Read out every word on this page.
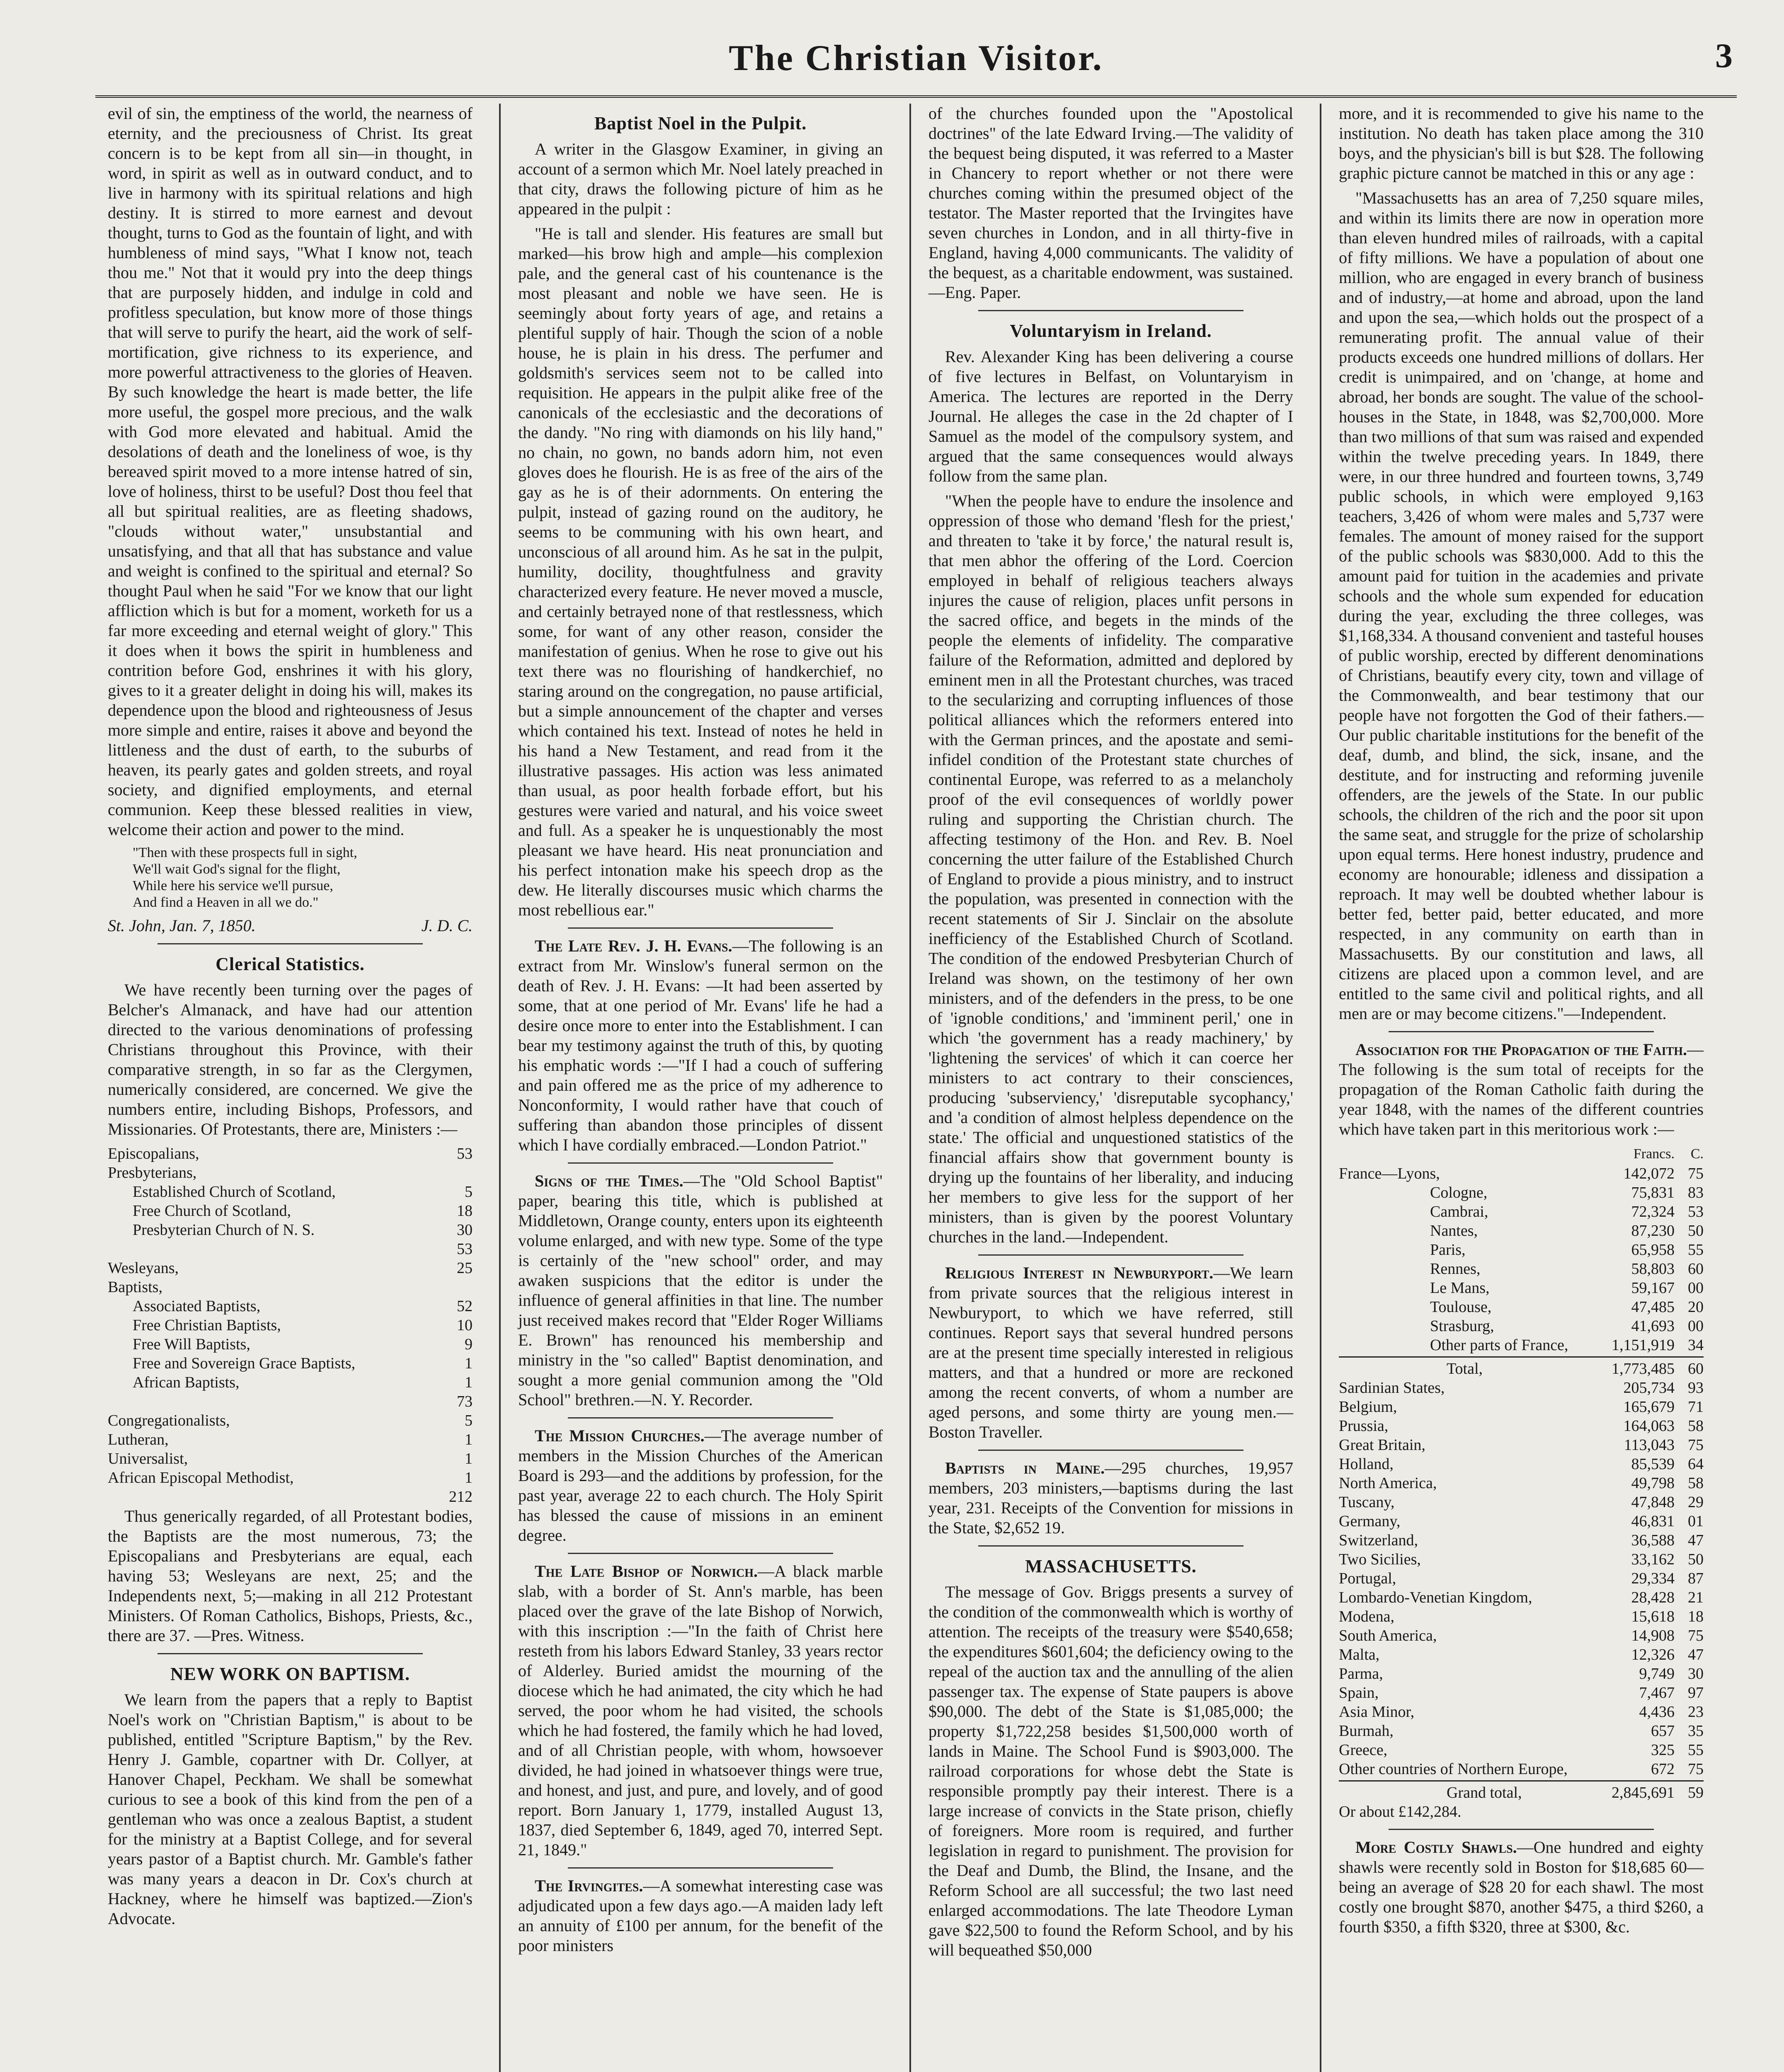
The Christian Visitor.	3

evil of sin, the emptiness of the world, the nearness of eternity, and the preciousness of Christ. Its great concern is to be kept from all sin—in thought, in word, in spirit as well as in outward conduct, and to live in harmony with its spiritual relations and high destiny. It is stirred to more earnest and devout thought, turns to God as the fountain of light, and with humbleness of mind says, "What I know not, teach thou me." Not that it would pry into the deep things that are purposely hidden, and indulge in cold and profitless speculation, but know more of those things that will serve to purify the heart, aid the work of self-mortification, give richness to its experience, and more powerful attractiveness to the glories of Heaven. By such knowledge the heart is made better, the life more useful, the gospel more precious, and the walk with God more elevated and habitual. Amid the desolations of death and the loneliness of woe, is thy bereaved spirit moved to a more intense hatred of sin, love of holiness, thirst to be useful? Dost thou feel that all but spiritual realities, are as fleeting shadows, "clouds without water," unsubstantial and unsatisfying, and that all that has substance and value and weight is confined to the spiritual and eternal? So thought Paul when he said "For we know that our light affliction which is but for a moment, worketh for us a far more exceeding and eternal weight of glory." This it does when it bows the spirit in humbleness and contrition before God, enshrines it with his glory, gives to it a greater delight in doing his will, makes its dependence upon the blood and righteousness of Jesus more simple and entire, raises it above and beyond the littleness and the dust of earth, to the suburbs of heaven, its pearly gates and golden streets, and royal society, and dignified employments, and eternal communion. Keep these blessed realities in view, welcome their action and power to the mind.

"Then with these prospects full in sight,
We'll wait God's signal for the flight,
While here his service we'll pursue,
And find a Heaven in all we do."
St. John, Jan. 7, 1850.	J. D. C.
Clerical Statistics.

We have recently been turning over the pages of Belcher's Almanack, and have had our attention directed to the various denominations of professing Christians throughout this Province, with their comparative strength, in so far as the Clergymen, numerically considered, are concerned. We give the numbers entire, including Bishops, Professors, and Missionaries. Of Protestants, there are, Ministers :—

Episcopalians,	53
Presbyterians,
Established Church of Scotland,	5
Free Church of Scotland,	18
Presbyterian Church of N. S.	30
53
Wesleyans,	25
Baptists,
Associated Baptists,	52
Free Christian Baptists,	10
Free Will Baptists,	9
Free and Sovereign Grace Baptists,	1
African Baptists,	1
73
Congregationalists,	5
Lutheran,	1
Universalist,	1
African Episcopal Methodist,	1
212

Thus generically regarded, of all Protestant bodies, the Baptists are the most numerous, 73; the Episcopalians and Presbyterians are equal, each having 53; Wesleyans are next, 25; and the Independents next, 5;—making in all 212 Protestant Ministers. Of Roman Catholics, Bishops, Priests, &c., there are 37. —Pres. Witness.

NEW WORK ON BAPTISM.

We learn from the papers that a reply to Baptist Noel's work on "Christian Baptism," is about to be published, entitled "Scripture Baptism," by the Rev. Henry J. Gamble, copartner with Dr. Collyer, at Hanover Chapel, Peckham. We shall be somewhat curious to see a book of this kind from the pen of a gentleman who was once a zealous Baptist, a student for the ministry at a Baptist College, and for several years pastor of a Baptist church. Mr. Gamble's father was many years a deacon in Dr. Cox's church at Hackney, where he himself was baptized.—Zion's Advocate.

Baptist Noel in the Pulpit.

A writer in the Glasgow Examiner, in giving an account of a sermon which Mr. Noel lately preached in that city, draws the following picture of him as he appeared in the pulpit :

"He is tall and slender. His features are small but marked—his brow high and ample—his complexion pale, and the general cast of his countenance is the most pleasant and noble we have seen. He is seemingly about forty years of age, and retains a plentiful supply of hair. Though the scion of a noble house, he is plain in his dress. The perfumer and goldsmith's services seem not to be called into requisition. He appears in the pulpit alike free of the canonicals of the ecclesiastic and the decorations of the dandy. "No ring with diamonds on his lily hand," no chain, no gown, no bands adorn him, not even gloves does he flourish. He is as free of the airs of the gay as he is of their adornments. On entering the pulpit, instead of gazing round on the auditory, he seems to be communing with his own heart, and unconscious of all around him. As he sat in the pulpit, humility, docility, thoughtfulness and gravity characterized every feature. He never moved a muscle, and certainly betrayed none of that restlessness, which some, for want of any other reason, consider the manifestation of genius. When he rose to give out his text there was no flourishing of handkerchief, no staring around on the congregation, no pause artificial, but a simple announcement of the chapter and verses which contained his text. Instead of notes he held in his hand a New Testament, and read from it the illustrative passages. His action was less animated than usual, as poor health forbade effort, but his gestures were varied and natural, and his voice sweet and full. As a speaker he is unquestionably the most pleasant we have heard. His neat pronunciation and his perfect intonation make his speech drop as the dew. He literally discourses music which charms the most rebellious ear."

The Late Rev. J. H. Evans.—The following is an extract from Mr. Winslow's funeral sermon on the death of Rev. J. H. Evans: —It had been asserted by some, that at one period of Mr. Evans' life he had a desire once more to enter into the Establishment. I can bear my testimony against the truth of this, by quoting his emphatic words :—"If I had a couch of suffering and pain offered me as the price of my adherence to Nonconformity, I would rather have that couch of suffering than abandon those principles of dissent which I have cordially embraced.—London Patriot."

Signs of the Times.—The "Old School Baptist" paper, bearing this title, which is published at Middletown, Orange county, enters upon its eighteenth volume enlarged, and with new type. Some of the type is certainly of the "new school" order, and may awaken suspicions that the editor is under the influence of general affinities in that line. The number just received makes record that "Elder Roger Williams E. Brown" has renounced his membership and ministry in the "so called" Baptist denomination, and sought a more genial communion among the "Old School" brethren.—N. Y. Recorder.

The Mission Churches.—The average number of members in the Mission Churches of the American Board is 293—and the additions by profession, for the past year, average 22 to each church. The Holy Spirit has blessed the cause of missions in an eminent degree.

The Late Bishop of Norwich.—A black marble slab, with a border of St. Ann's marble, has been placed over the grave of the late Bishop of Norwich, with this inscription :—"In the faith of Christ here resteth from his labors Edward Stanley, 33 years rector of Alderley. Buried amidst the mourning of the diocese which he had animated, the city which he had served, the poor whom he had visited, the schools which he had fostered, the family which he had loved, and of all Christian people, with whom, howsoever divided, he had joined in whatsoever things were true, and honest, and just, and pure, and lovely, and of good report. Born January 1, 1779, installed August 13, 1837, died September 6, 1849, aged 70, interred Sept. 21, 1849."

The Irvingites.—A somewhat interesting case was adjudicated upon a few days ago.—A maiden lady left an annuity of £100 per annum, for the benefit of the poor ministers

of the churches founded upon the "Apostolical doctrines" of the late Edward Irving.—The validity of the bequest being disputed, it was referred to a Master in Chancery to report whether or not there were churches coming within the presumed object of the testator. The Master reported that the Irvingites have seven churches in London, and in all thirty-five in England, having 4,000 communicants. The validity of the bequest, as a charitable endowment, was sustained.—Eng. Paper.

Voluntaryism in Ireland.

Rev. Alexander King has been delivering a course of five lectures in Belfast, on Voluntaryism in America. The lectures are reported in the Derry Journal. He alleges the case in the 2d chapter of I Samuel as the model of the compulsory system, and argued that the same consequences would always follow from the same plan.

"When the people have to endure the insolence and oppression of those who demand 'flesh for the priest,' and threaten to 'take it by force,' the natural result is, that men abhor the offering of the Lord. Coercion employed in behalf of religious teachers always injures the cause of religion, places unfit persons in the sacred office, and begets in the minds of the people the elements of infidelity. The comparative failure of the Reformation, admitted and deplored by eminent men in all the Protestant churches, was traced to the secularizing and corrupting influences of those political alliances which the reformers entered into with the German princes, and the apostate and semi-infidel condition of the Protestant state churches of continental Europe, was referred to as a melancholy proof of the evil consequences of worldly power ruling and supporting the Christian church. The affecting testimony of the Hon. and Rev. B. Noel concerning the utter failure of the Established Church of England to provide a pious ministry, and to instruct the population, was presented in connection with the recent statements of Sir J. Sinclair on the absolute inefficiency of the Established Church of Scotland. The condition of the endowed Presbyterian Church of Ireland was shown, on the testimony of her own ministers, and of the defenders in the press, to be one of 'ignoble conditions,' and 'imminent peril,' one in which 'the government has a ready machinery,' by 'lightening the services' of which it can coerce her ministers to act contrary to their consciences, producing 'subserviency,' 'disreputable sycophancy,' and 'a condition of almost helpless dependence on the state.' The official and unquestioned statistics of the financial affairs show that government bounty is drying up the fountains of her liberality, and inducing her members to give less for the support of her ministers, than is given by the poorest Voluntary churches in the land.—Independent.

Religious Interest in Newburyport.—We learn from private sources that the religious interest in Newburyport, to which we have referred, still continues. Report says that several hundred persons are at the present time specially interested in religious matters, and that a hundred or more are reckoned among the recent converts, of whom a number are aged persons, and some thirty are young men.—Boston Traveller.

Baptists in Maine.—295 churches, 19,957 members, 203 ministers,—baptisms during the last year, 231. Receipts of the Convention for missions in the State, $2,652 19.

MASSACHUSETTS.

The message of Gov. Briggs presents a survey of the condition of the commonwealth which is worthy of attention. The receipts of the treasury were $540,658; the expenditures $601,604; the deficiency owing to the repeal of the auction tax and the annulling of the alien passenger tax. The expense of State paupers is above $90,000. The debt of the State is $1,085,000; the property $1,722,258 besides $1,500,000 worth of lands in Maine. The School Fund is $903,000. The railroad corporations for whose debt the State is responsible promptly pay their interest. There is a large increase of convicts in the State prison, chiefly of foreigners. More room is required, and further legislation in regard to punishment. The provision for the Deaf and Dumb, the Blind, the Insane, and the Reform School are all successful; the two last need enlarged accommodations. The late Theodore Lyman gave $22,500 to found the Reform School, and by his will bequeathed $50,000

more, and it is recommended to give his name to the institution. No death has taken place among the 310 boys, and the physician's bill is but $28. The following graphic picture cannot be matched in this or any age :

"Massachusetts has an area of 7,250 square miles, and within its limits there are now in operation more than eleven hundred miles of railroads, with a capital of fifty millions. We have a population of about one million, who are engaged in every branch of business and of industry,—at home and abroad, upon the land and upon the sea,—which holds out the prospect of a remunerating profit. The annual value of their products exceeds one hundred millions of dollars. Her credit is unimpaired, and on 'change, at home and abroad, her bonds are sought. The value of the school-houses in the State, in 1848, was $2,700,000. More than two millions of that sum was raised and expended within the twelve preceding years. In 1849, there were, in our three hundred and fourteen towns, 3,749 public schools, in which were employed 9,163 teachers, 3,426 of whom were males and 5,737 were females. The amount of money raised for the support of the public schools was $830,000. Add to this the amount paid for tuition in the academies and private schools and the whole sum expended for education during the year, excluding the three colleges, was $1,168,334. A thousand convenient and tasteful houses of public worship, erected by different denominations of Christians, beautify every city, town and village of the Commonwealth, and bear testimony that our people have not forgotten the God of their fathers.—Our public charitable institutions for the benefit of the deaf, dumb, and blind, the sick, insane, and the destitute, and for instructing and reforming juvenile offenders, are the jewels of the State. In our public schools, the children of the rich and the poor sit upon the same seat, and struggle for the prize of scholarship upon equal terms. Here honest industry, prudence and economy are honourable; idleness and dissipation a reproach. It may well be doubted whether labour is better fed, better paid, better educated, and more respected, in any community on earth than in Massachusetts. By our constitution and laws, all citizens are placed upon a common level, and are entitled to the same civil and political rights, and all men are or may become citizens."—Independent.

Association for the Propagation of the Faith.—The following is the sum total of receipts for the propagation of the Roman Catholic faith during the year 1848, with the names of the different countries which have taken part in this meritorious work :—

Francs.	C.
France—Lyons,	142,072 75
Cologne,	75,831 83
Cambrai,	72,324 53
Nantes,	87,230 50
Paris,	65,958 55
Rennes,	58,803 60
Le Mans,	59,167 00
Toulouse,	47,485 20
Strasburg,	41,693 00
Other parts of France,	1,151,919 34
Total,	1,773,485 60
Sardinian States,	205,734 93
Belgium,	165,679 71
Prussia,	164,063 58
Great Britain,	113,043 75
Holland,	85,539 64
North America,	49,798 58
Tuscany,	47,848 29
Germany,	46,831 01
Switzerland,	36,588 47
Two Sicilies,	33,162 50
Portugal,	29,334 87
Lombardo-Venetian Kingdom,	28,428 21
Modena,	15,618 18
South America,	14,908 75
Malta,	12,326 47
Parma,	9,749 30
Spain,	7,467 97
Asia Minor,	4,436 23
Burmah,	657 35
Greece,	325 55
Other countries of Northern Europe,	672 75
Grand total,	2,845,691 59
Or about £142,284.

More Costly Shawls.—One hundred and eighty shawls were recently sold in Boston for $18,685 60—being an average of $28 20 for each shawl. The most costly one brought $870, another $475, a third $260, a fourth $350, a fifth $320, three at $300, &c.
